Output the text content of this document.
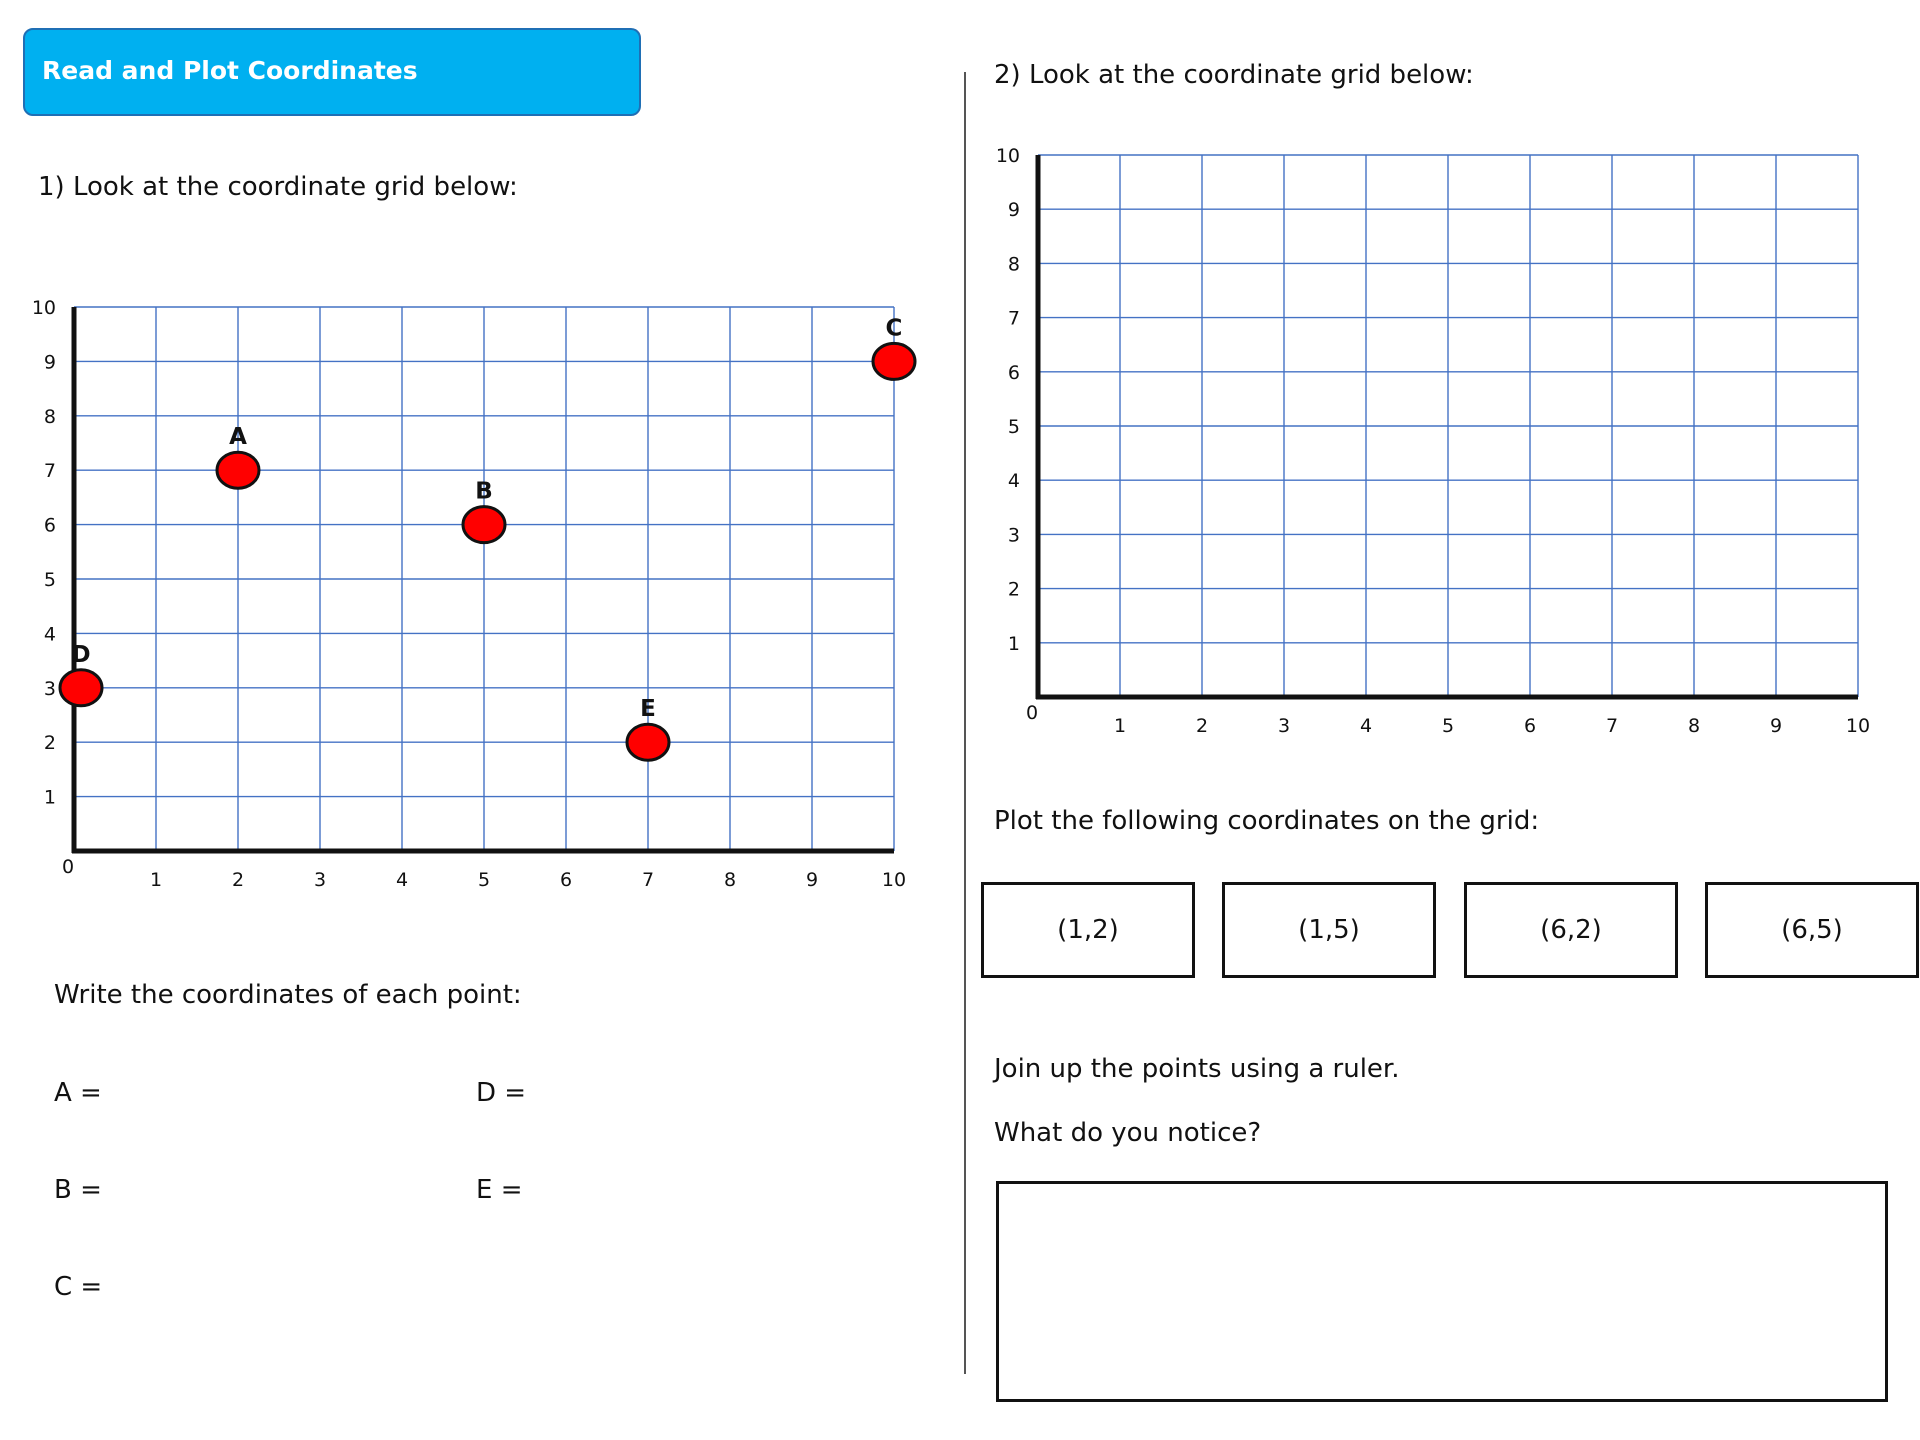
Read and Plot Coordinates
1) Look at the coordinate grid below:
0
1	2	3	4	5	6	7	8	9	10
1
2
3
4
5
6
7
8
9
10
A
B
C
D
E
Write the coordinates of each point:
A =	D =
B =	E =
C =
2) Look at the coordinate grid below:
0
1	2	3	4	5	6	7	8	9	10
1
2
3
4
5
6
7
8
9
10
Plot the following coordinates on the grid:
(1,2)	(1,5)	(6,2)	(6,5)
Join up the points using a ruler.
What do you notice?
